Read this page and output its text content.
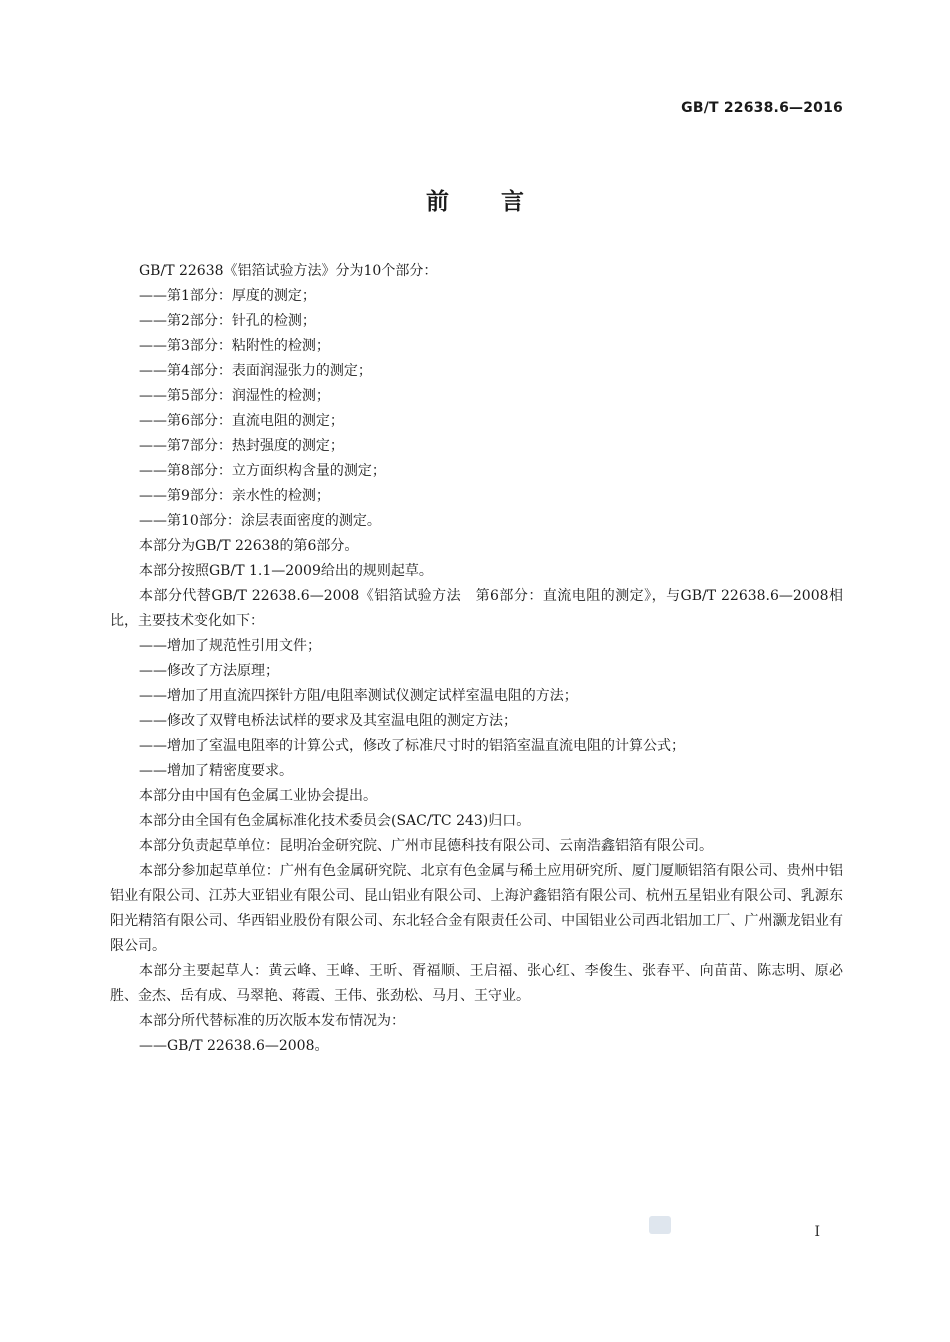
GB/T 22638.6—2016
前言

GB/T 22638《铝箔试验方法》分为10个部分：

——第1部分：厚度的测定；

——第2部分：针孔的检测；

——第3部分：粘附性的检测；

——第4部分：表面润湿张力的测定；

——第5部分：润湿性的检测；

——第6部分：直流电阻的测定；

——第7部分：热封强度的测定；

——第8部分：立方面织构含量的测定；

——第9部分：亲水性的检测；

——第10部分：涂层表面密度的测定。

本部分为GB/T 22638的第6部分。

本部分按照GB/T 1.1—2009给出的规则起草。

本部分代替GB/T 22638.6—2008《铝箔试验方法　第6部分：直流电阻的测定》，与GB/T 22638.6—2008相比，主要技术变化如下：

——增加了规范性引用文件；

——修改了方法原理；

——增加了用直流四探针方阻/电阻率测试仪测定试样室温电阻的方法；

——修改了双臂电桥法试样的要求及其室温电阻的测定方法；

——增加了室温电阻率的计算公式，修改了标准尺寸时的铝箔室温直流电阻的计算公式；

——增加了精密度要求。

本部分由中国有色金属工业协会提出。

本部分由全国有色金属标准化技术委员会(SAC/TC 243)归口。

本部分负责起草单位：昆明冶金研究院、广州市昆德科技有限公司、云南浩鑫铝箔有限公司。

本部分参加起草单位：广州有色金属研究院、北京有色金属与稀土应用研究所、厦门厦顺铝箔有限公司、贵州中铝铝业有限公司、江苏大亚铝业有限公司、昆山铝业有限公司、上海沪鑫铝箔有限公司、杭州五星铝业有限公司、乳源东阳光精箔有限公司、华西铝业股份有限公司、东北轻合金有限责任公司、中国铝业公司西北铝加工厂、广州灏龙铝业有限公司。

本部分主要起草人：黄云峰、王峰、王昕、胥福顺、王启福、张心红、李俊生、张春平、向苗苗、陈志明、原必胜、金杰、岳有成、马翠艳、蒋霞、王伟、张劲松、马月、王守业。

本部分所代替标准的历次版本发布情况为：

——GB/T 22638.6—2008。

I
